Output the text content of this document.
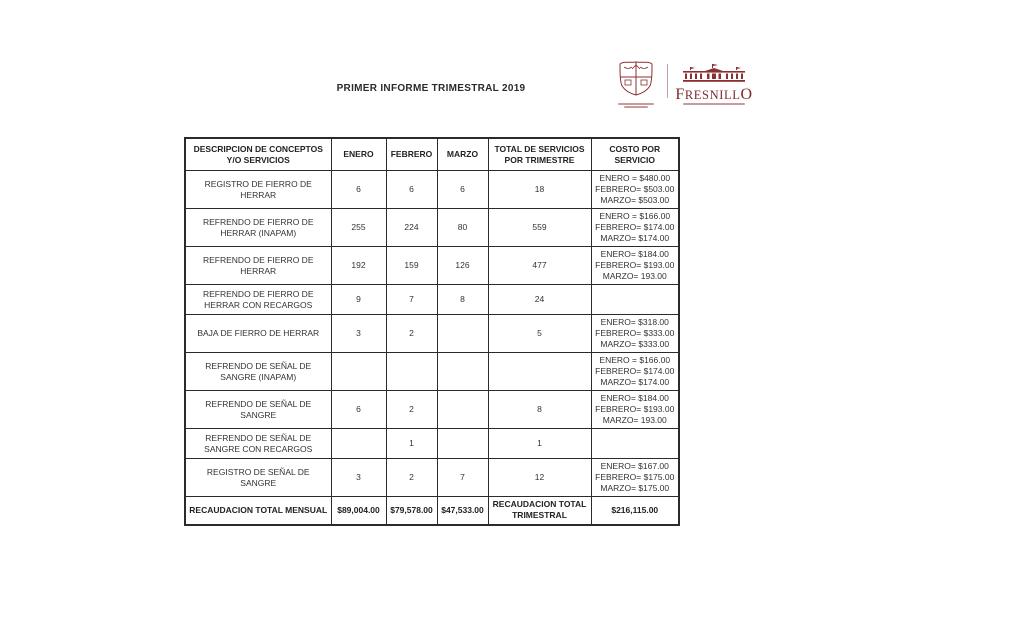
PRIMER INFORME TRIMESTRAL 2019	FRESNILLO
DESCRIPCION DE CONCEPTOS Y/O SERVICIOS	ENERO	FEBRERO	MARZO	TOTAL DE SERVICIOS POR TRIMESTRE	COSTO POR SERVICIO
REGISTRO DE FIERRO DE HERRAR	6	6	6	18	ENERO = $480.00
FEBRERO= $503.00
MARZO= $503.00

REFRENDO DE FIERRO DE HERRAR (INAPAM)	255	224	80	559	ENERO = $166.00
FEBRERO= $174.00
MARZO= $174.00

REFRENDO DE FIERRO DE HERRAR	192	159	126	477	ENERO= $184.00
FEBRERO= $193.00
MARZO= 193.00

REFRENDO DE FIERRO DE HERRAR CON RECARGOS	9	7	8	24	
BAJA DE FIERRO DE HERRAR	3	2		5	ENERO= $318.00
FEBRERO= $333.00
MARZO= $333.00

REFRENDO DE SEÑAL DE SANGRE (INAPAM)					ENERO = $166.00
FEBRERO= $174.00
MARZO= $174.00

REFRENDO DE SEÑAL DE SANGRE	6	2		8	ENERO= $184.00
FEBRERO= $193.00
MARZO= 193.00

REFRENDO DE SEÑAL DE SANGRE CON RECARGOS		1		1	
REGISTRO DE SEÑAL DE SANGRE	3	2	7	12	ENERO= $167.00
FEBRERO= $175.00
MARZO= $175.00

RECAUDACION TOTAL MENSUAL	$89,004.00	$79,578.00	$47,533.00	RECAUDACION TOTAL TRIMESTRAL	$216,115.00
